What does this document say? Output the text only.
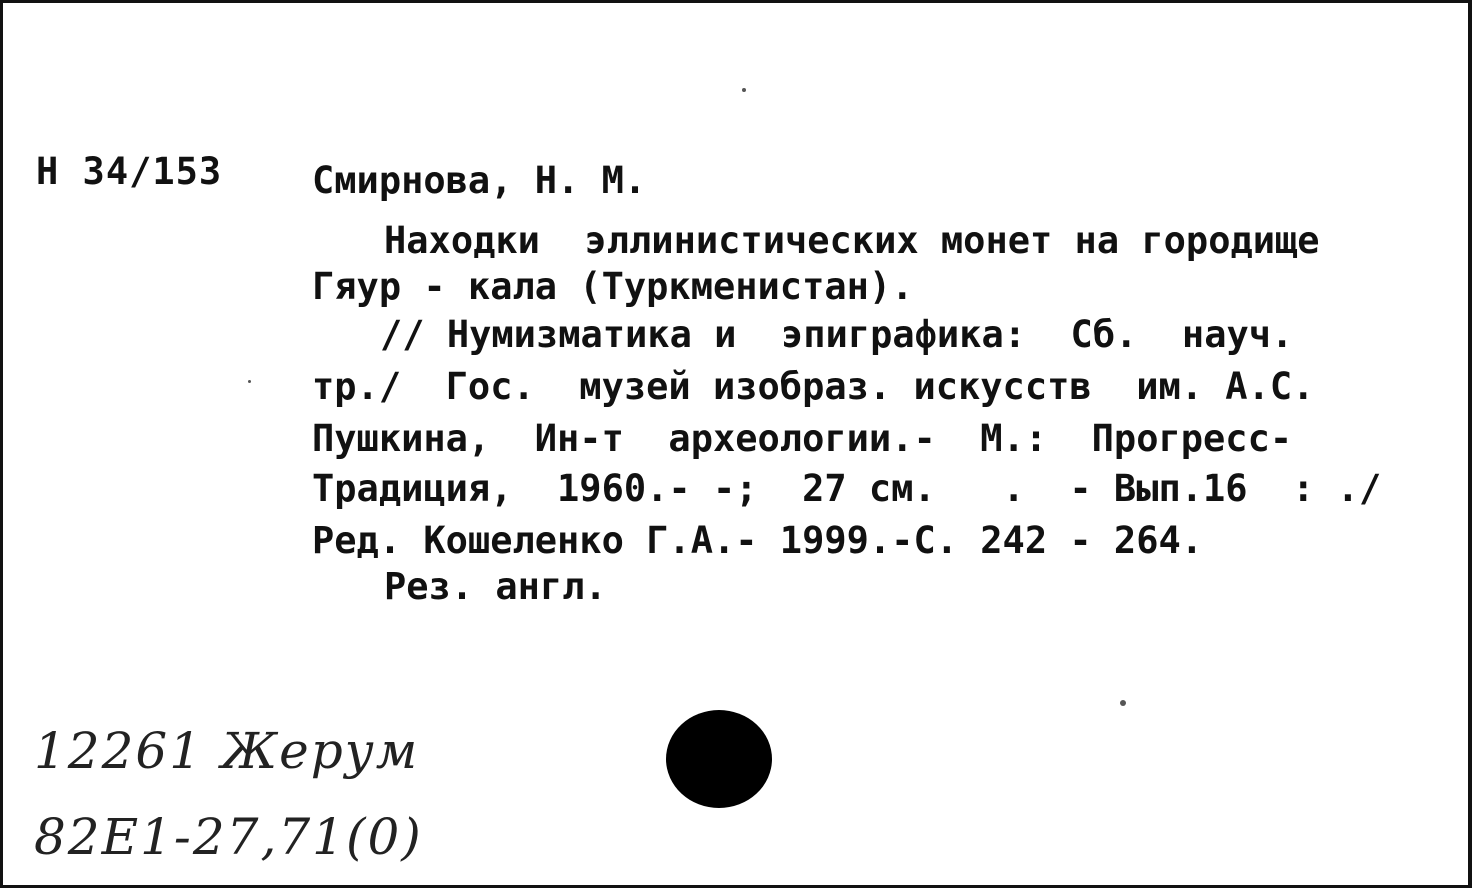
Н 34/153 Смирнова, Н. М.
Находки  эллинистических монет на городище
Гяур - кала (Туркменистан).
// Нумизматика и  эпиграфика:  Сб.  науч.
тр./  Гос.  музей изобраз. искусств  им. А.С.
Пушкина,  Ин-т  археологии.-  М.:  Прогресс-
Традиция,  1960.- -;  27 см.   .  - Вып.16  : ./
Ред. Кошеленко Г.А.- 1999.-С. 242 - 264.
Рез. англ.
12261 Жерум
82Е1-27,71(0)
